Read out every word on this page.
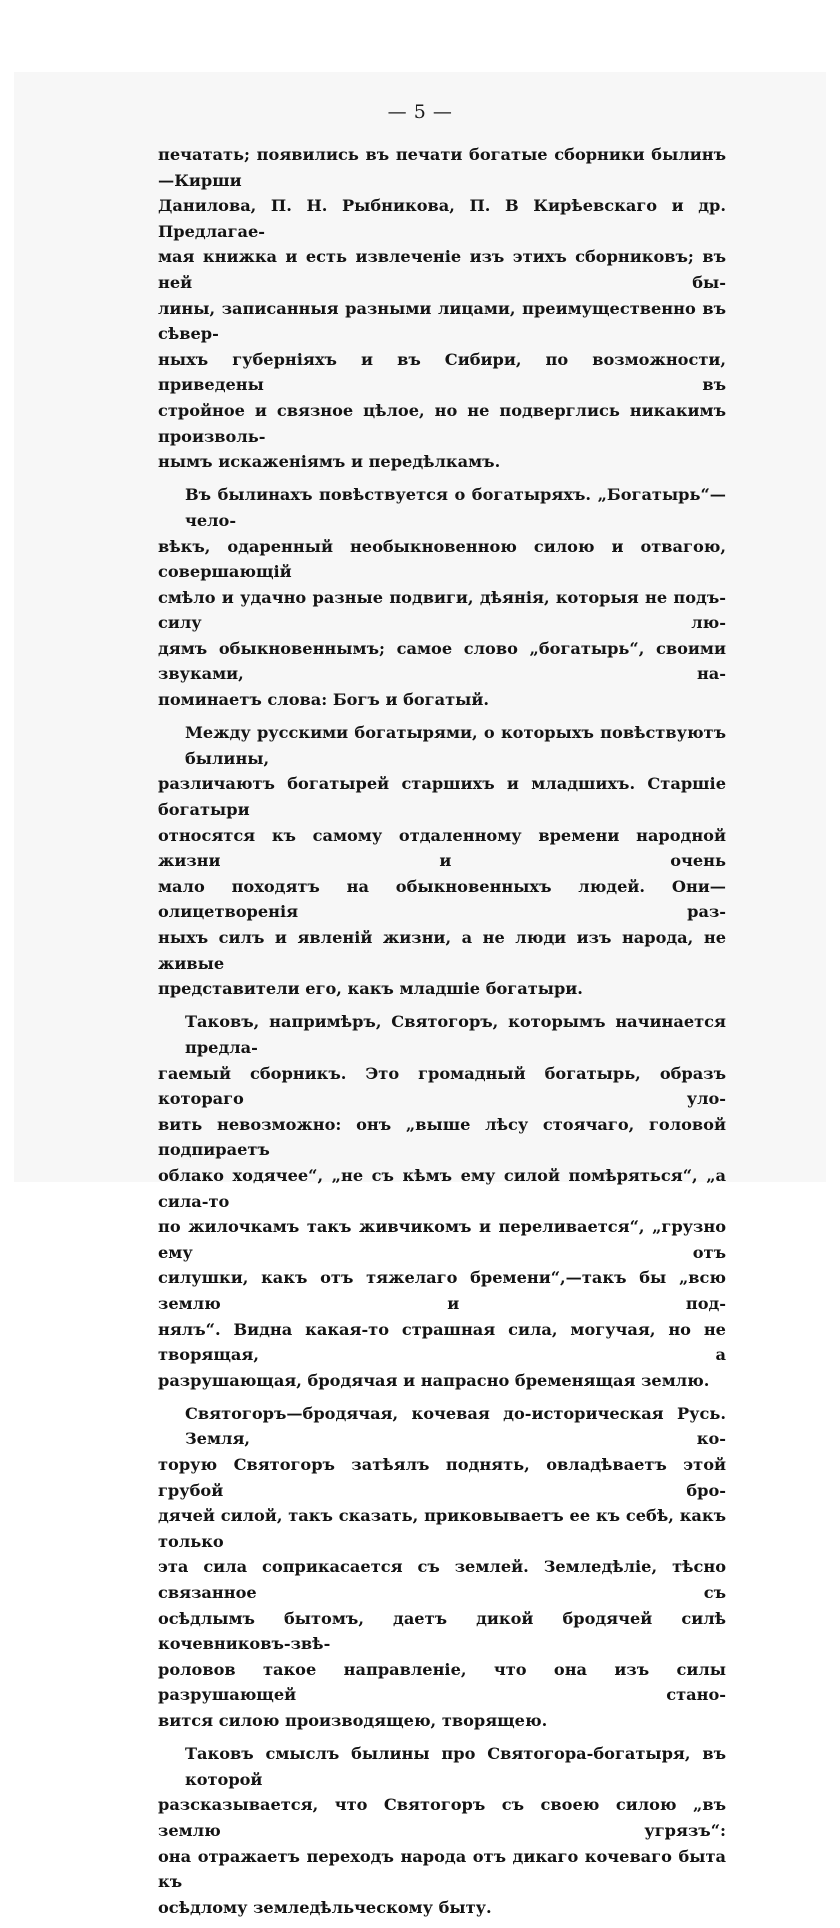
— 5 —
печатать; появились въ печати богатые сборники былинъ—Кирши
Данилова, П. Н. Рыбникова, П. В Кирѣевскаго и др. Предлагае-
мая книжка и есть извлеченіе изъ этихъ сборниковъ; въ ней бы-
лины, записанныя разными лицами, преимущественно въ сѣвер-
ныхъ губерніяхъ и въ Сибири, по возможности, приведены въ
стройное и связное цѣлое, но не подверглись никакимъ произволь-
нымъ искаженіямъ и передѣлкамъ.
Въ былинахъ повѣствуется о богатыряхъ. „Богатырь“—чело-
вѣкъ, одаренный необыкновенною силою и отвагою, совершающій
смѣло и удачно разные подвиги, дѣянія, которыя не подъ-силу лю-
дямъ обыкновеннымъ; самое слово „богатырь“, своими звуками, на-
поминаетъ слова: Богъ и богатый.
Между русскими богатырями, о которыхъ повѣствуютъ былины,
различаютъ богатырей старшихъ и младшихъ. Старшіе богатыри
относятся къ самому отдаленному времени народной жизни и очень
мало походятъ на обыкновенныхъ людей. Они—олицетворенія раз-
ныхъ силъ и явленій жизни, а не люди изъ народа, не живые
представители его, какъ младшіе богатыри.
Таковъ, напримѣръ, Святогоръ, которымъ начинается предла-
гаемый сборникъ. Это громадный богатырь, образъ котораго уло-
вить невозможно: онъ „выше лѣсу стоячаго, головой подпираетъ
облако ходячее“, „не съ кѣмъ ему силой помѣряться“, „а сила-то
по жилочкамъ такъ живчикомъ и переливается“, „грузно ему отъ
силушки, какъ отъ тяжелаго бремени“,—такъ бы „всю землю и под-
нялъ“. Видна какая-то страшная сила, могучая, но не творящая, а
разрушающая, бродячая и напрасно бременящая землю.
Святогоръ—бродячая, кочевая до-историческая Русь. Земля, ко-
торую Святогоръ затѣялъ поднять, овладѣваетъ этой грубой бро-
дячей силой, такъ сказать, приковываетъ ее къ себѣ, какъ только
эта сила соприкасается съ землей. Земледѣліе, тѣсно связанное съ
осѣдлымъ бытомъ, даетъ дикой бродячей силѣ кочевниковъ-звѣ-
роловов такое направленіе, что она изъ силы разрушающей стано-
вится силою производящею, творящею.
Таковъ смыслъ былины про Святогора-богатыря, въ которой
разсказывается, что Святогоръ съ своею силою „въ землю угрязъ“:
она отражаетъ переходъ народа отъ дикаго кочеваго быта къ
осѣдлому земледѣльческому быту.
